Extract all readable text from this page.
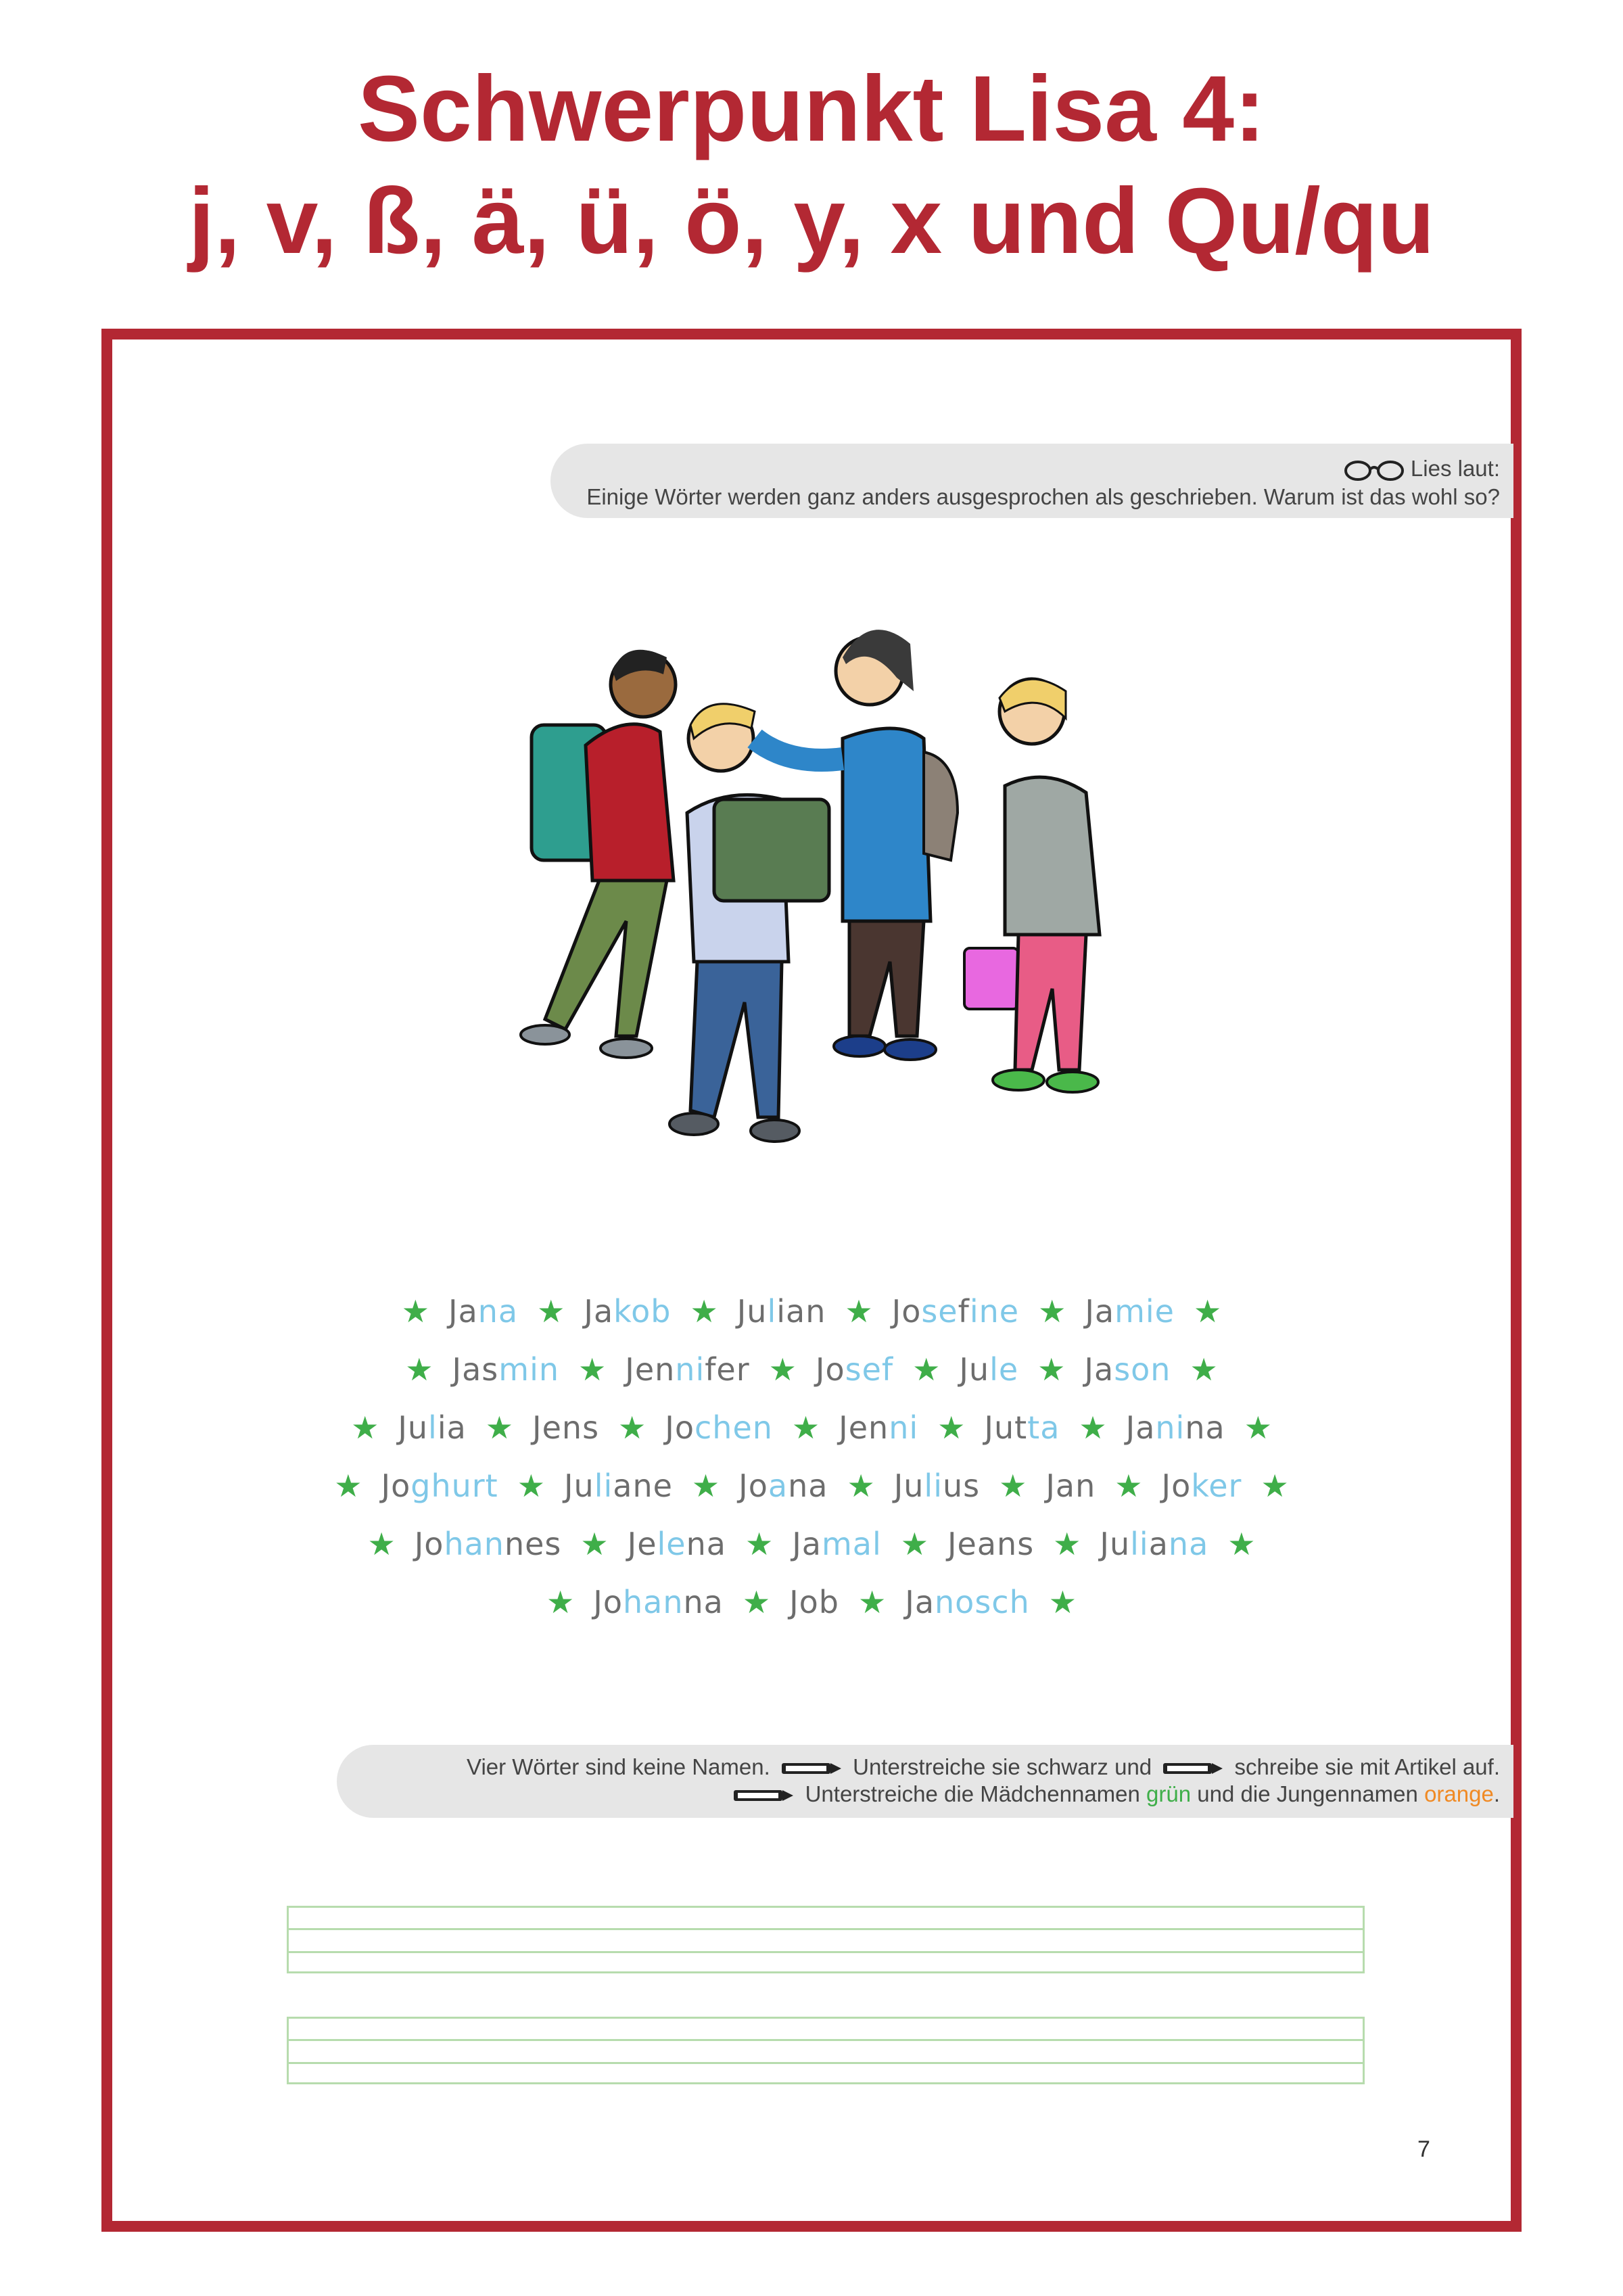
Schwerpunkt Lisa 4:
j, v, ß, ä, ü, ö, y, x und Qu/qu
Lies laut:
Einige Wörter werden ganz anders ausgesprochen als geschrieben. Warum ist das wohl so?
★ Jana ★ Jakob ★ Julian ★ Josefine ★ Jamie ★
★ Jasmin ★ Jennifer ★ Josef ★ Jule ★ Jason ★
★ Julia ★ Jens ★ Jochen ★ Jenni ★ Jutta ★ Janina ★
★ Joghurt ★ Juliane ★ Joana ★ Julius ★ Jan ★ Joker ★
★ Johannes ★ Jelena ★ Jamal ★ Jeans ★ Juliana ★
★ Johanna ★ Job ★ Janosch ★
Vier Wörter sind keine Namen.	Unterstreiche sie schwarz und	schreibe sie mit Artikel auf.
Unterstreiche die Mädchennamen grün und die Jungennamen orange.
7
